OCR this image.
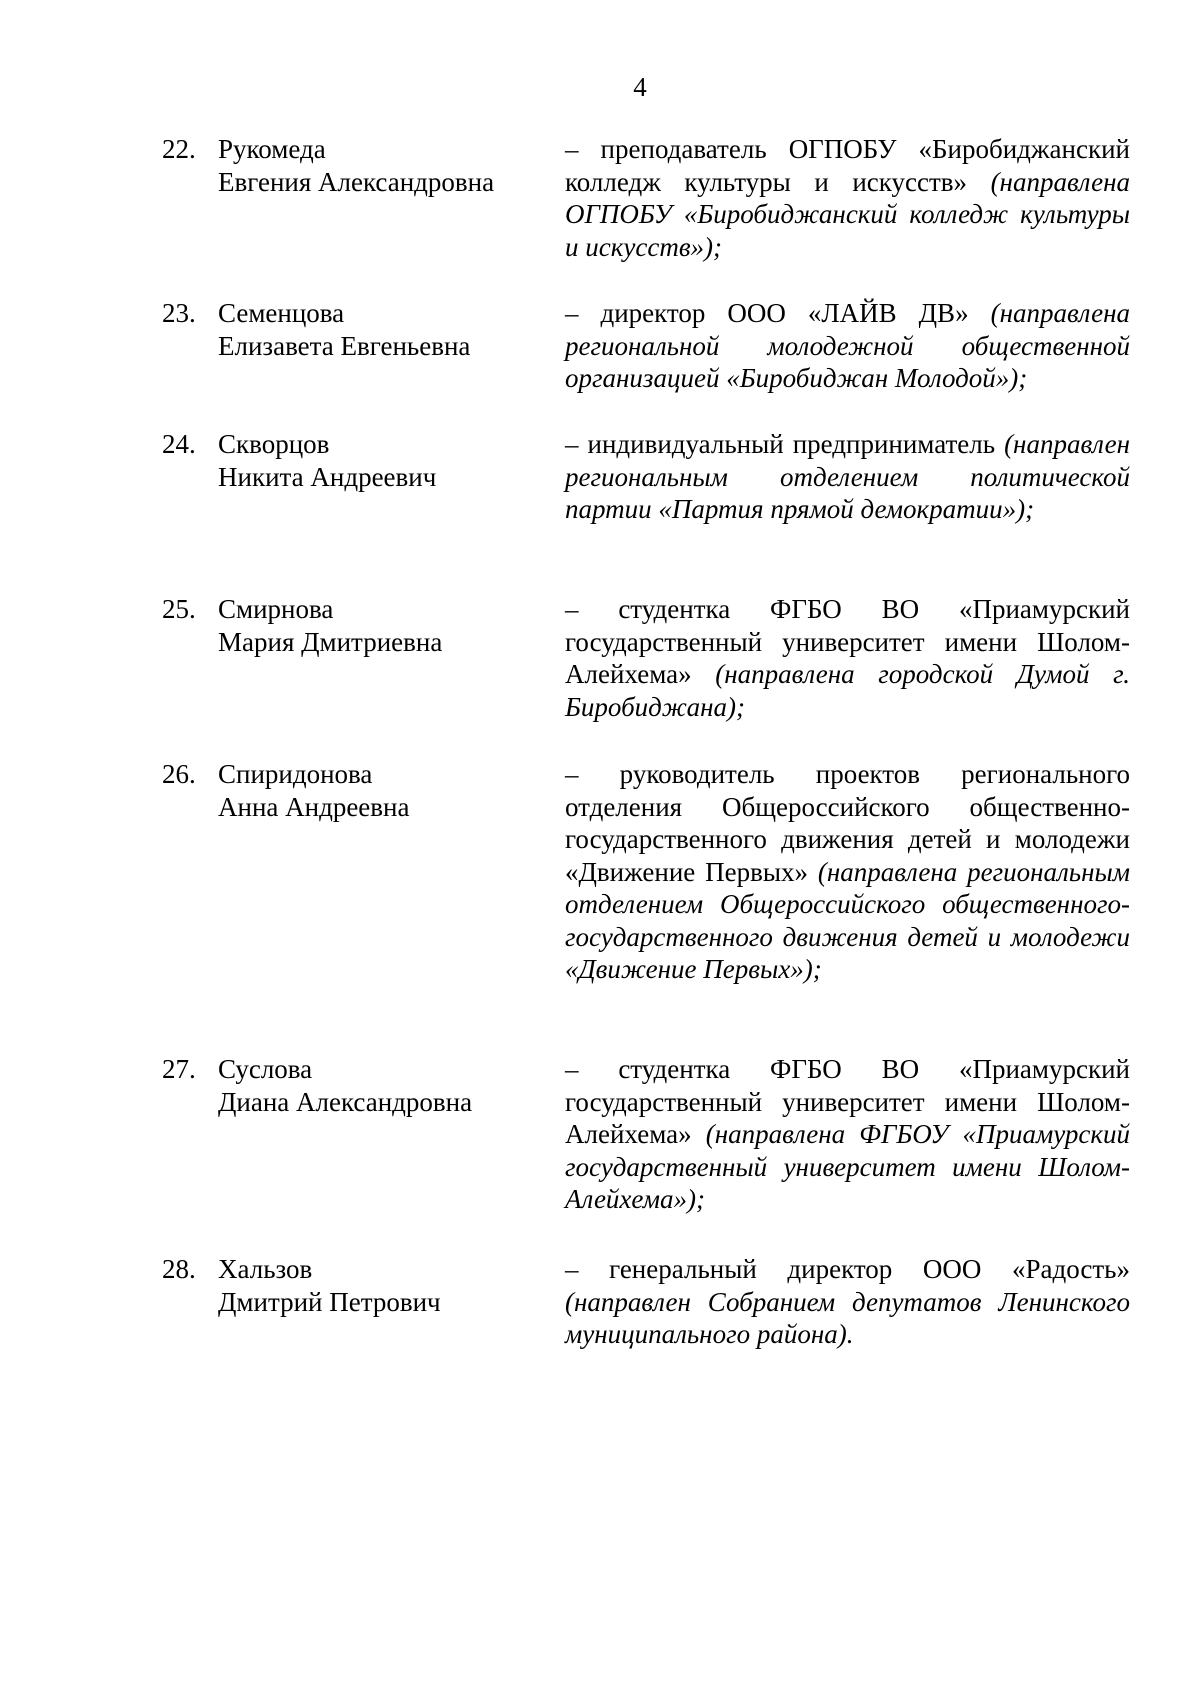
4
22. Рукомеда
Евгения Александровна
– преподаватель ОГПОБУ «Биробиджанский колледж культуры и искусств» (направлена ОГПОБУ «Биробиджанский колледж культуры и искусств»);
23. Семенцова
Елизавета Евгеньевна
– директор ООО «ЛАЙВ ДВ» (направлена региональной молодежной общественной организацией «Биробиджан Молодой»);
24. Скворцов
Никита Андреевич
– индивидуальный предприниматель (направлен региональным отделением политической партии «Партия прямой демократии»);
25. Смирнова
Мария Дмитриевна
– студентка ФГБО ВО «Приамурский государственный университет имени Шолом-Алейхема» (направлена городской Думой г. Биробиджана);
26. Спиридонова
Анна Андреевна
– руководитель проектов регионального отделения Общероссийского общественно-государственного движения детей и молодежи «Движение Первых» (направлена региональным отделением Общероссийского общественного-государственного движения детей и молодежи «Движение Первых»);
27. Суслова
Диана Александровна
– студентка ФГБО ВО «Приамурский государственный университет имени Шолом-Алейхема» (направлена ФГБОУ «Приамурский государственный университет имени Шолом-Алейхема»);
28. Хальзов
Дмитрий Петрович
– генеральный директор ООО «Радость» (направлен Собранием депутатов Ленинского муниципального района).
